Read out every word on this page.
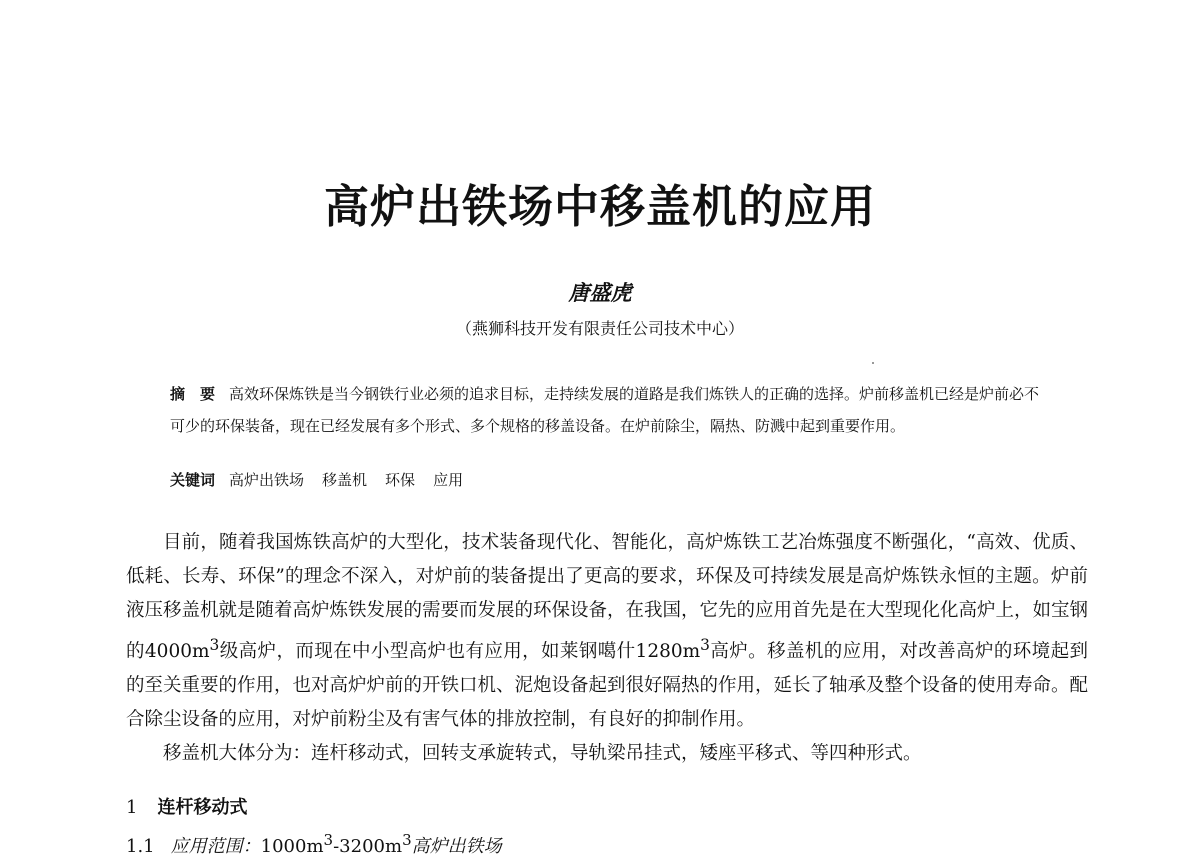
高炉出铁场中移盖机的应用
唐盛虎
（燕狮科技开发有限责任公司技术中心）
摘　要 高效环保炼铁是当今钢铁行业必须的追求目标，走持续发展的道路是我们炼铁人的正确的选择。炉前移盖机已经是炉前必不可少的环保装备，现在已经发展有多个形式、多个规格的移盖设备。在炉前除尘，隔热、防溅中起到重要作用。
关键词 高炉出铁场 移盖机 环保 应用

目前，随着我国炼铁高炉的大型化，技术装备现代化、智能化，高炉炼铁工艺冶炼强度不断强化，“高效、优质、低耗、长寿、环保”的理念不深入，对炉前的装备提出了更高的要求，环保及可持续发展是高炉炼铁永恒的主题。炉前液压移盖机就是随着高炉炼铁发展的需要而发展的环保设备，在我国，它先的应用首先是在大型现化化高炉上，如宝钢的$4000m^3$级高炉，而现在中小型高炉也有应用，如莱钢噶什$1280m^3$高炉。移盖机的应用，对改善高炉的环境起到的至关重要的作用，也对高炉炉前的开铁口机、泥炮设备起到很好隔热的作用，延长了轴承及整个设备的使用寿命。配合除尘设备的应用，对炉前粉尘及有害气体的排放控制，有良好的抑制作用。

移盖机大体分为：连杆移动式，回转支承旋转式，导轨梁吊挂式，矮座平移式、等四种形式。

1 连杆移动式
1.1 应用范围：$1000m^3-3200m^3$高炉出铁场
